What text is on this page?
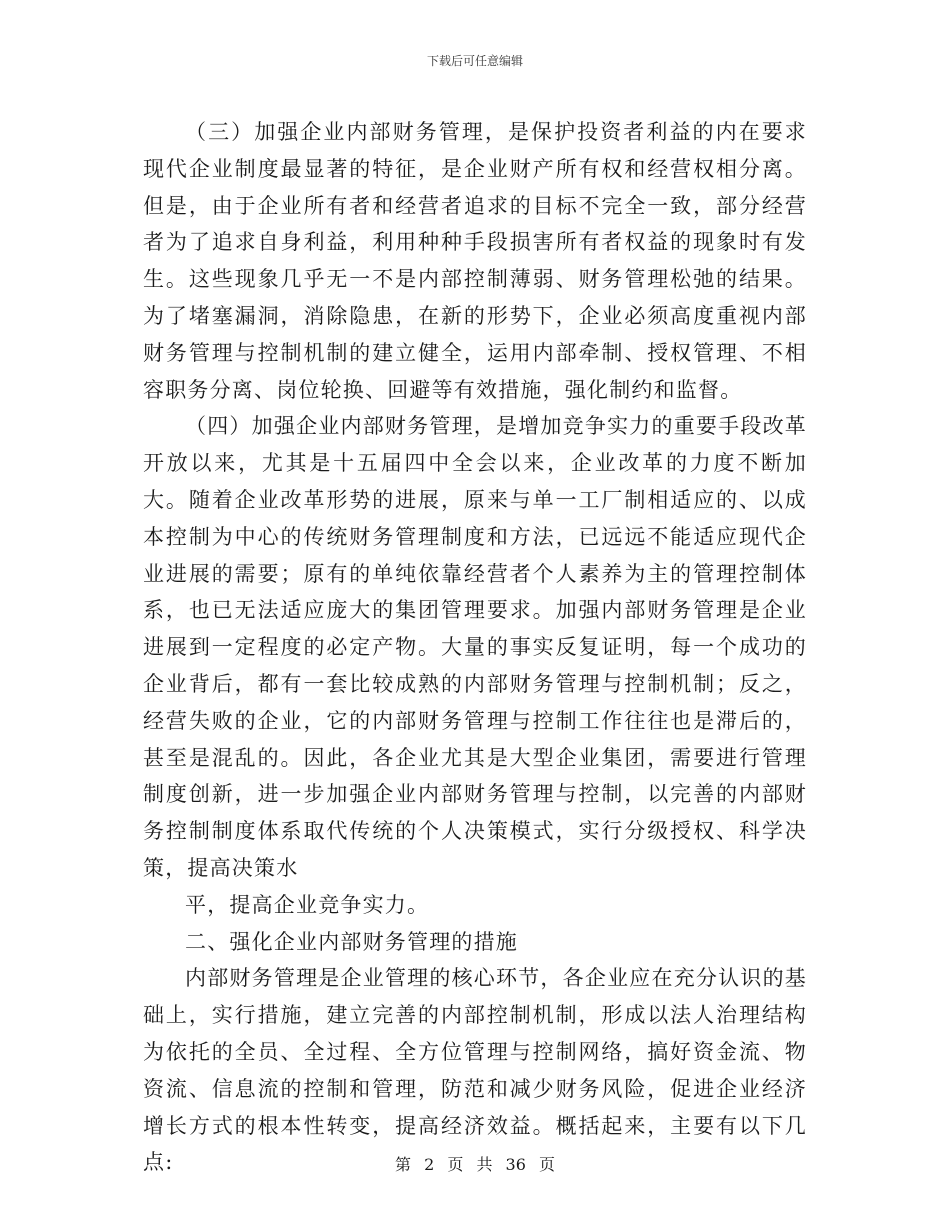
下载后可任意编辑

（三）加强企业内部财务管理，是保护投资者利益的内在要求 现代企业制度最显著的特征，是企业财产所有权和经营权相分离。但是，由于企业所有者和经营者追求的目标不完全一致，部分经营者为了追求自身利益，利用种种手段损害所有者权益的现象时有发生。这些现象几乎无一不是内部控制薄弱、财务管理松弛的结果。为了堵塞漏洞，消除隐患，在新的形势下，企业必须高度重视内部财务管理与控制机制的建立健全，运用内部牵制、授权管理、不相容职务分离、岗位轮换、回避等有效措施，强化制约和监督。

（四）加强企业内部财务管理，是增加竞争实力的重要手段改革开放以来，尤其是十五届四中全会以来，企业改革的力度不断加大。随着企业改革形势的进展，原来与单一工厂制相适应的、以成本控制为中心的传统财务管理制度和方法，已远远不能适应现代企业进展的需要；原有的单纯依靠经营者个人素养为主的管理控制体系，也已无法适应庞大的集团管理要求。加强内部财务管理是企业进展到一定程度的必定产物。大量的事实反复证明，每一个成功的企业背后，都有一套比较成熟的内部财务管理与控制机制；反之，经营失败的企业，它的内部财务管理与控制工作往往也是滞后的，甚至是混乱的。因此，各企业尤其是大型企业集团，需要进行管理制度创新，进一步加强企业内部财务管理与控制，以完善的内部财务控制制度体系取代传统的个人决策模式，实行分级授权、科学决策，提高决策水

平，提高企业竞争实力。

二、强化企业内部财务管理的措施

内部财务管理是企业管理的核心环节，各企业应在充分认识的基础上，实行措施，建立完善的内部控制机制，形成以法人治理结构为依托的全员、全过程、全方位管理与控制网络，搞好资金流、物资流、信息流的控制和管理，防范和减少财务风险，促进企业经济增长方式的根本性转变，提高经济效益。概括起来，主要有以下几点:	第 2 页 共 36 页
